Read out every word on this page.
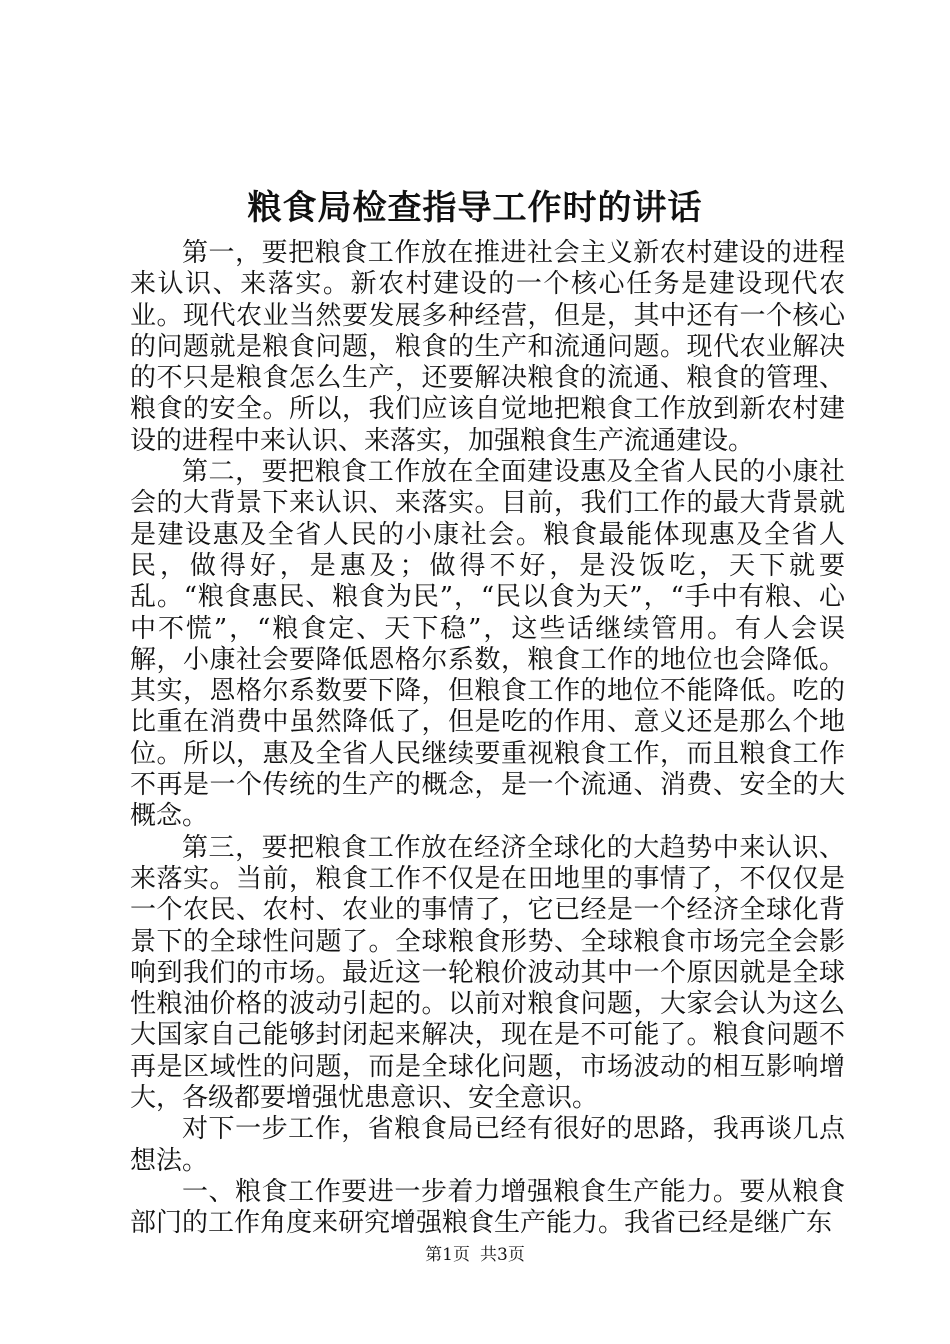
粮食局检查指导工作时的讲话

第一，要把粮食工作放在推进社会主义新农村建设的进程来认识、来落实。新农村建设的一个核心任务是建设现代农业。现代农业当然要发展多种经营，但是，其中还有一个核心的问题就是粮食问题，粮食的生产和流通问题。现代农业解决的不只是粮食怎么生产，还要解决粮食的流通、粮食的管理、粮食的安全。所以，我们应该自觉地把粮食工作放到新农村建设的进程中来认识、来落实，加强粮食生产流通建设。

第二，要把粮食工作放在全面建设惠及全省人民的小康社会的大背景下来认识、来落实。目前，我们工作的最大背景就是建设惠及全省人民的小康社会。粮食最能体现惠及全省人民，做得好，是惠及；做得不好，是没饭吃，天下就要乱。“粮食惠民、粮食为民”，“民以食为天”，“手中有粮、心中不慌”，“粮食定、天下稳”，这些话继续管用。有人会误解，小康社会要降低恩格尔系数，粮食工作的地位也会降低。其实，恩格尔系数要下降，但粮食工作的地位不能降低。吃的比重在消费中虽然降低了，但是吃的作用、意义还是那么个地位。所以，惠及全省人民继续要重视粮食工作，而且粮食工作不再是一个传统的生产的概念，是一个流通、消费、安全的大概念。

第三，要把粮食工作放在经济全球化的大趋势中来认识、来落实。当前，粮食工作不仅是在田地里的事情了，不仅仅是一个农民、农村、农业的事情了，它已经是一个经济全球化背景下的全球性问题了。全球粮食形势、全球粮食市场完全会影响到我们的市场。最近这一轮粮价波动其中一个原因就是全球性粮油价格的波动引起的。以前对粮食问题，大家会认为这么大国家自己能够封闭起来解决，现在是不可能了。粮食问题不再是区域性的问题，而是全球化问题，市场波动的相互影响增大，各级都要增强忧患意识、安全意识。

对下一步工作，省粮食局已经有很好的思路，我再谈几点想法。

一、粮食工作要进一步着力增强粮食生产能力。要从粮食部门的工作角度来研究增强粮食生产能力。我省已经是继广东

第1页 共3页
